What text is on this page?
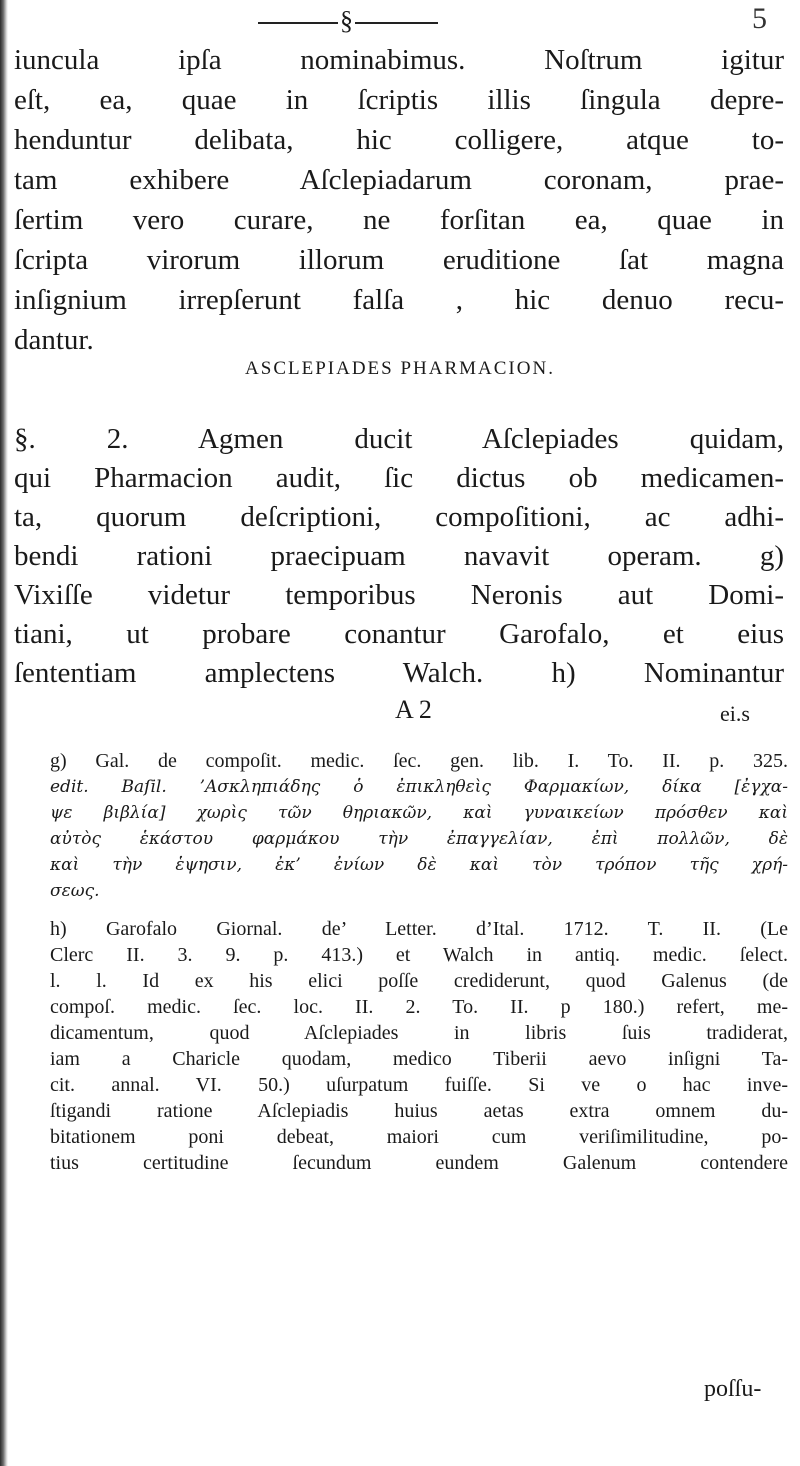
§	5
iuncula ipſa nominabimus. Noſtrum igitur
eſt, ea, quae in ſcriptis illis ſingula depre-
henduntur delibata, hic colligere, atque to-
tam exhibere Aſclepiadarum coronam, prae-
ſertim vero curare, ne forſitan ea, quae in
ſcripta virorum illorum eruditione ſat magna
inſignium irrepſerunt falſa , hic denuo recu-
dantur.
ASCLEPIADES PHARMACION.
§. 2. Agmen ducit Aſclepiades quidam,
qui Pharmacion audit, ſic dictus ob medicamen-
ta, quorum deſcriptioni, compoſitioni, ac adhi-
bendi rationi praecipuam navavit operam. g)
Vixiſſe videtur temporibus Neronis aut Domi-
tiani, ut probare conantur Garofalo, et eius
ſententiam amplectens Walch. h) Nominantur
A 2	ei.s
g) Gal. de compoſit. medic. ſec. gen. lib. I. To. II. p. 325.
edit. Baſil. ’Ασκληπιάδης ὁ ἐπικληθεὶς Φαρμακίων, δίκα [ἐγχα-
ψε βιβλία] χωρὶς τῶν θηριακῶν, καὶ γυναικείων πρόσθεν καὶ
αὐτὸς ἑκάστου φαρμάκου τὴν ἐπαγγελίαν, ἐπὶ πολλῶν, δὲ
καὶ τὴν ἑψησιν, ἐκ’ ἐνίων δὲ καὶ τὸν τρόπον τῆς χρή-
σεως.
h) Garofalo Giornal. de’ Letter. d’Ital. 1712. T. II. (Le
Clerc II. 3. 9. p. 413.) et Walch in antiq. medic. ſelect.
l. l. Id ex his elici poſſe crediderunt, quod Galenus (de
compoſ. medic. ſec. loc. II. 2. To. II. p 180.) refert, me-
dicamentum, quod Aſclepiades in libris ſuis tradiderat,
iam a Charicle quodam, medico Tiberii aevo inſigni Ta-
cit. annal. VI. 50.) uſurpatum fuiſſe. Si ve o hac inve-
ſtigandi ratione Aſclepiadis huius aetas extra omnem du-
bitationem poni debeat, maiori cum veriſimilitudine, po-
tius certitudine ſecundum eundem Galenum contendere
poſſu-
